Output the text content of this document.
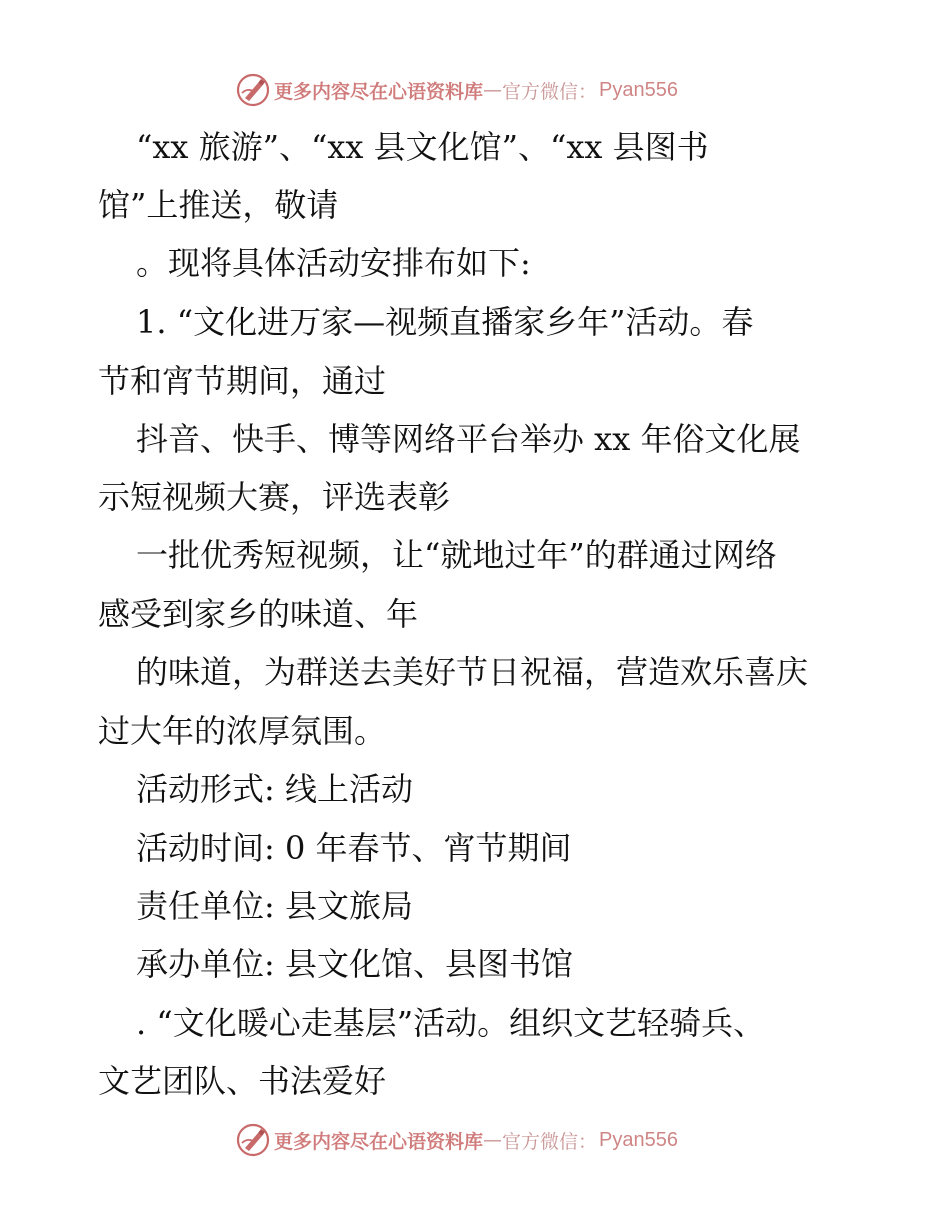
更多内容尽在心语资料库 — 官方微信： Pyan556
“xx 旅游”、“xx 县文化馆”、“xx 县图书
馆”上推送，敬请
。现将具体活动安排布如下:
1. “文化进万家—视频直播家乡年”活动。春
节和宵节期间，通过
抖音、快手、博等网络平台举办 xx 年俗文化展
示短视频大赛，评选表彰
一批优秀短视频，让“就地过年”的群通过网络
感受到家乡的味道、年
的味道，为群送去美好节日祝福，营造欢乐喜庆
过大年的浓厚氛围。
活动形式: 线上活动
活动时间: 0 年春节、宵节期间
责任单位: 县文旅局
承办单位: 县文化馆、县图书馆
. “文化暖心走基层”活动。组织文艺轻骑兵、
文艺团队、书法爱好
更多内容尽在心语资料库 — 官方微信： Pyan556
